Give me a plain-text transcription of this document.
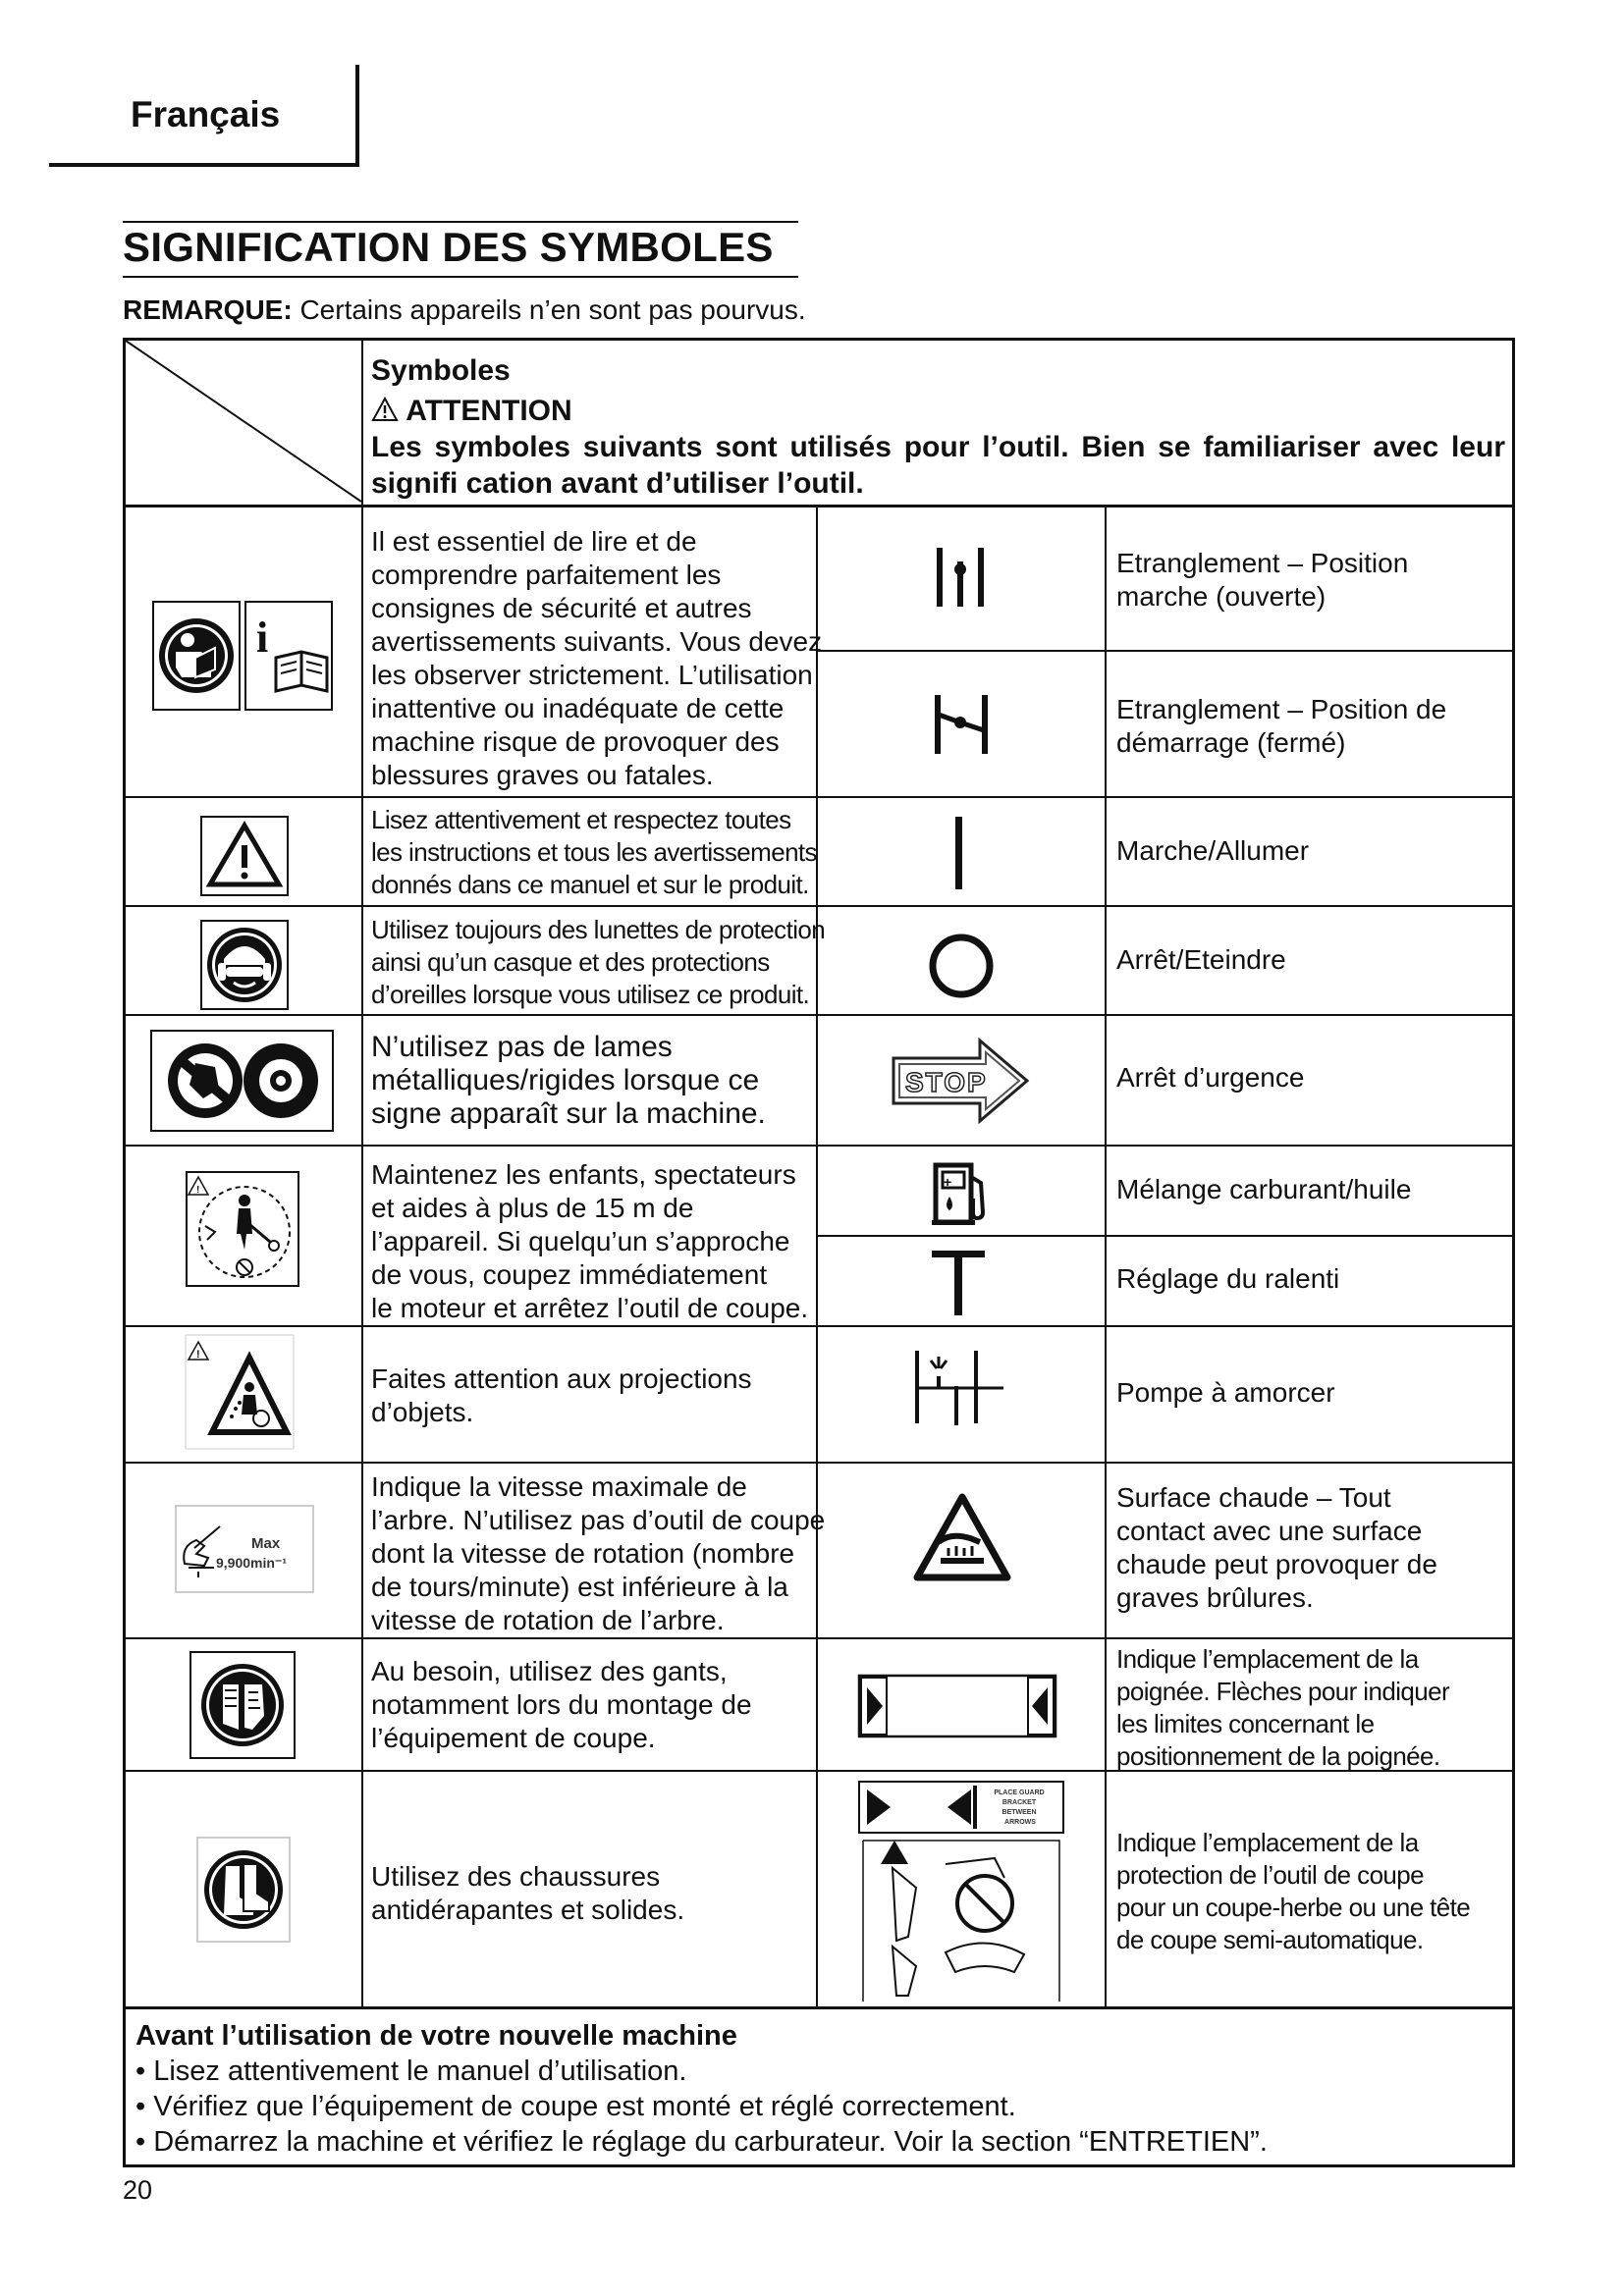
Français
SIGNIFICATION DES SYMBOLES
REMARQUE: Certains appareils n’en sont pas pourvus.
Symboles
ATTENTION
Les symboles suivants sont utilisés pour l’outil. Bien se familiariser avec leur
signifi cation avant d’utiliser l’outil.
i
!
!
Max
9,900min⁻¹
Il est essentiel de lire et de
comprendre parfaitement les
consignes de sécurité et autres
avertissements suivants. Vous devez
les observer strictement. L’utilisation
inattentive ou inadéquate de cette
machine risque de provoquer des
blessures graves ou fatales.
Lisez attentivement et respectez toutes
les instructions et tous les avertissements
donnés dans ce manuel et sur le produit.
Utilisez toujours des lunettes de protection
ainsi qu’un casque et des protections
d’oreilles lorsque vous utilisez ce produit.
N’utilisez pas de lames
métalliques/rigides lorsque ce
signe apparaît sur la machine.
Maintenez les enfants, spectateurs
et aides à plus de 15 m de
l’appareil. Si quelqu’un s’approche
de vous, coupez immédiatement
le moteur et arrêtez l’outil de coupe.
Faites attention aux projections
d’objets.
Indique la vitesse maximale de
l’arbre. N’utilisez pas d’outil de coupe
dont la vitesse de rotation (nombre
de tours/minute) est inférieure à la
vitesse de rotation de l’arbre.
Au besoin, utilisez des gants,
notamment lors du montage de
l’équipement de coupe.
Utilisez des chaussures
antidérapantes et solides.
STOP
+
PLACE GUARD BRACKET BETWEEN ARROWS
Etranglement – Position
marche (ouverte)
Etranglement – Position de
démarrage (fermé)
Marche/Allumer
Arrêt/Eteindre
Arrêt d’urgence
Mélange carburant/huile
Réglage du ralenti
Pompe à amorcer
Surface chaude – Tout
contact avec une surface
chaude peut provoquer de
graves brûlures.
Indique l’emplacement de la
poignée. Flèches pour indiquer
les limites concernant le
positionnement de la poignée.
Indique l’emplacement de la
protection de l’outil de coupe
pour un coupe-herbe ou une tête
de coupe semi-automatique.
Avant l’utilisation de votre nouvelle machine
• Lisez attentivement le manuel d’utilisation.
• Vérifiez que l’équipement de coupe est monté et réglé correctement.
• Démarrez la machine et vérifiez le réglage du carburateur. Voir la section “ENTRETIEN”.
20
